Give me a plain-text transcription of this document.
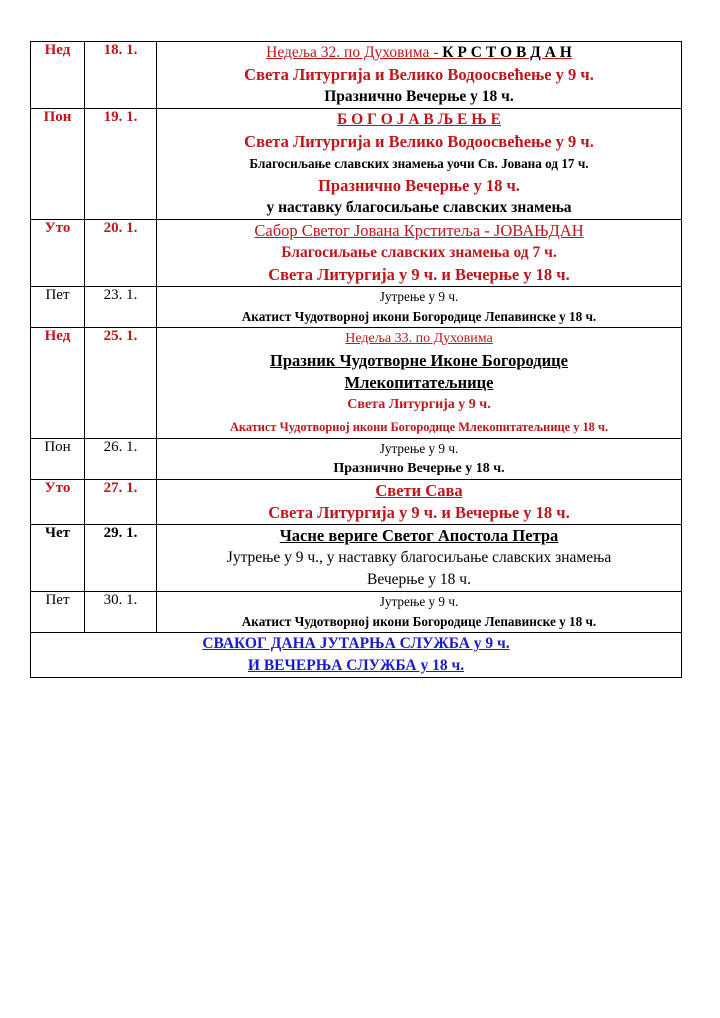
Нед	18. 1.	Недеља 32. по Духовима - К Р С Т О В Д А Н
Света Литургија и Велико Водоосвећење у 9 ч.
Празнично Вечерње у 18 ч.

Пон	19. 1.	Б О Г О Ј А В Љ Е Њ Е
Света Литургија и Велико Водоосвећење у 9 ч.
Благосиљање славских знамења уочи Св. Јована од 17 ч.
Празнично Вечерње у 18 ч.
у наставку благосиљање славских знамења

Уто	20. 1.	Сабор Светог Јована Крститеља - ЈОВАЊДАН
Благосиљање славских знамења од 7 ч.
Света Литургија у 9 ч. и Вечерње у 18 ч.

Пет	23. 1.	Јутрење у 9 ч.
Акатист Чудотворној икони Богородице Лепавинске у 18 ч.

Нед	25. 1.	Недеља 33. по Духовима
Празник Чудотворне Иконе Богородице
Млекопитатељнице
Света Литургија у 9 ч.
Акатист Чудотворној икони Богородице Млекопитатељнице у 18 ч.

Пон	26. 1.	Јутрење у 9 ч.
Празнично Вечерње у 18 ч.

Уто	27. 1.	Свети Сава
Света Литургија у 9 ч. и Вечерње у 18 ч.

Чет	29. 1.	Часне вериге Светог Апостола Петра
Јутрење у 9 ч., у наставку благосиљање славских знамења
Вечерње у 18 ч.

Пет	30. 1.	Јутрење у 9 ч.
Акатист Чудотворној икони Богородице Лепавинске у 18 ч.

СВАКОГ ДАНА ЈУТАРЊА СЛУЖБА у 9 ч.
И ВЕЧЕРЊА СЛУЖБА у 18 ч.		
